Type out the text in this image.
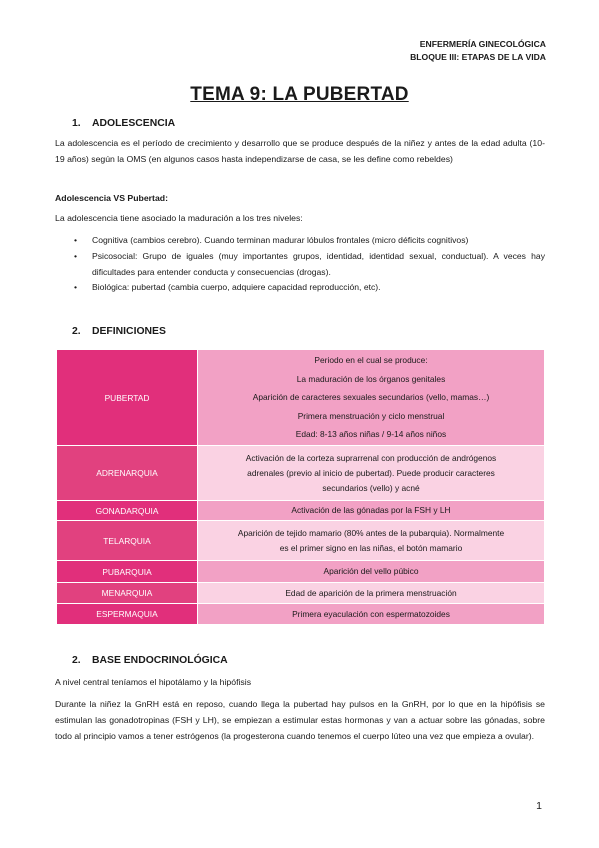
ENFERMERÍA GINECOLÓGICA
BLOQUE III: ETAPAS DE LA VIDA
TEMA 9: LA PUBERTAD
1. ADOLESCENCIA
La adolescencia es el período de crecimiento y desarrollo que se produce después de la niñez y antes de la edad adulta (10-19 años) según la OMS (en algunos casos hasta independizarse de casa, se les define como rebeldes)
Adolescencia VS Pubertad:
La adolescencia tiene asociado la maduración a los tres niveles:
• Cognitiva (cambios cerebro). Cuando terminan madurar lóbulos frontales (micro déficits cognitivos)
• Psicosocial: Grupo de iguales (muy importantes grupos, identidad, identidad sexual, conductual). A veces hay dificultades para entender conducta y consecuencias (drogas).
• Biológica: pubertad (cambia cuerpo, adquiere capacidad reproducción, etc).
2. DEFINICIONES
PUBERTAD	Periodo en el cual se produce:
La maduración de los órganos genitales
Aparición de caracteres sexuales secundarios (vello, mamas…)
Primera menstruación y ciclo menstrual
Edad: 8-13 años niñas / 9-14 años niños

ADRENARQUIA	Activación de la corteza suprarrenal con producción de andrógenos
adrenales (previo al inicio de pubertad). Puede producir caracteres
secundarios (vello) y acné

GONADARQUIA	Activación de las gónadas por la FSH y LH

TELARQUIA	Aparición de tejido mamario (80% antes de la pubarquia). Normalmente
es el primer signo en las niñas, el botón mamario

PUBARQUIA	Aparición del vello púbico

MENARQUIA	Edad de aparición de la primera menstruación

ESPERMAQUIA	Primera eyaculación con espermatozoides
2. BASE ENDOCRINOLÓGICA
A nivel central teníamos el hipotálamo y la hipófisis
Durante la niñez la GnRH está en reposo, cuando llega la pubertad hay pulsos en la GnRH, por lo que en la hipófisis se estimulan las gonadotropinas (FSH y LH), se empiezan a estimular estas hormonas y van a actuar sobre las gónadas, sobre todo al principio vamos a tener estrógenos (la progesterona cuando tenemos el cuerpo lúteo una vez que empieza a ovular).
1
